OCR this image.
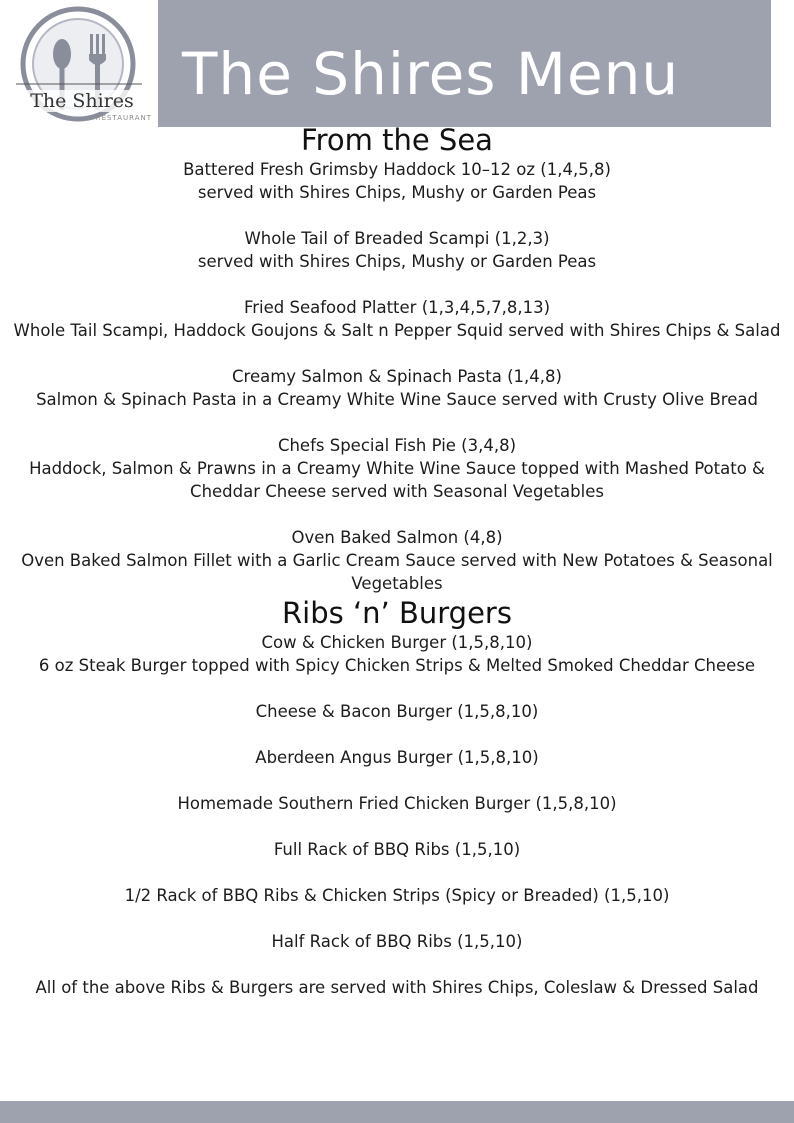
The Shires
RESTAURANT
The Shires Menu
From the Sea
Battered Fresh Grimsby Haddock 10–12 oz (1,4,5,8)
served with Shires Chips, Mushy or Garden Peas
Whole Tail of Breaded Scampi (1,2,3)
served with Shires Chips, Mushy or Garden Peas
Fried Seafood Platter (1,3,4,5,7,8,13)
Whole Tail Scampi, Haddock Goujons & Salt n Pepper Squid served with Shires Chips & Salad
Creamy Salmon & Spinach Pasta (1,4,8)
Salmon & Spinach Pasta in a Creamy White Wine Sauce served with Crusty Olive Bread
Chefs Special Fish Pie (3,4,8)
Haddock, Salmon & Prawns in a Creamy White Wine Sauce topped with Mashed Potato & Cheddar Cheese served with Seasonal Vegetables
Oven Baked Salmon (4,8)
Oven Baked Salmon Fillet with a Garlic Cream Sauce served with New Potatoes & Seasonal Vegetables
Ribs ‘n’ Burgers
Cow & Chicken Burger (1,5,8,10)
6 oz Steak Burger topped with Spicy Chicken Strips & Melted Smoked Cheddar Cheese
Cheese & Bacon Burger (1,5,8,10)
Aberdeen Angus Burger (1,5,8,10)
Homemade Southern Fried Chicken Burger (1,5,8,10)
Full Rack of BBQ Ribs (1,5,10)
1/2 Rack of BBQ Ribs & Chicken Strips (Spicy or Breaded) (1,5,10)
Half Rack of BBQ Ribs (1,5,10)
All of the above Ribs & Burgers are served with Shires Chips, Coleslaw & Dressed Salad
